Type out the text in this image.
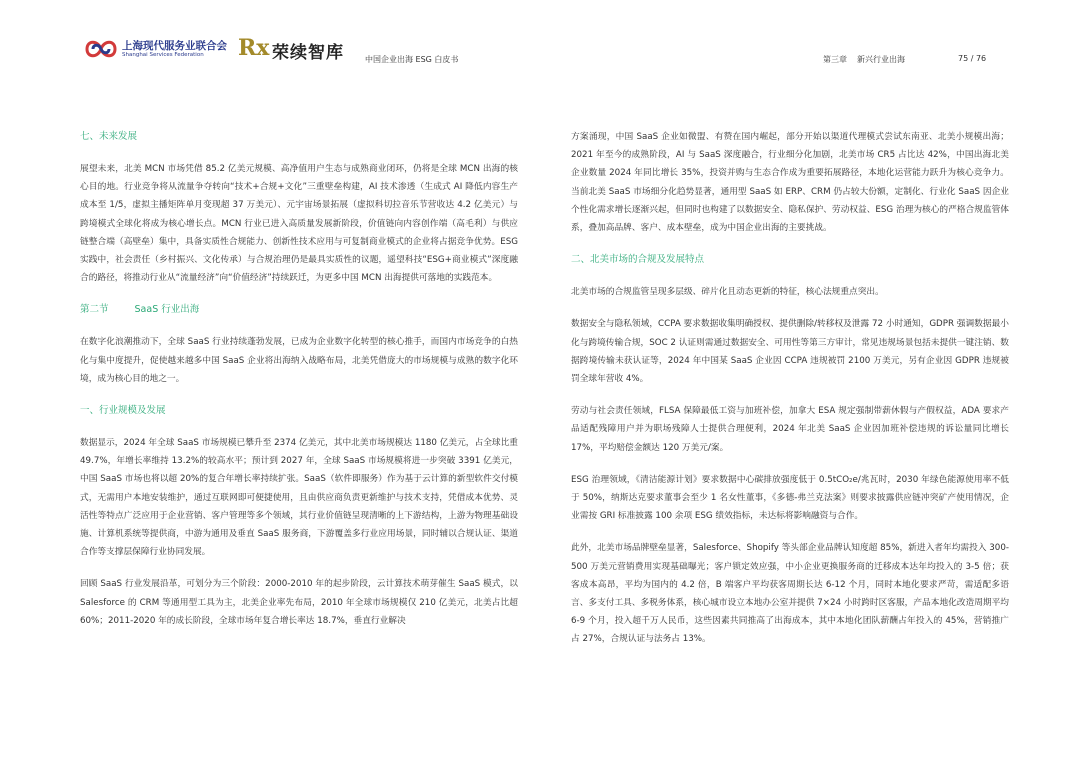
上海现代服务业联合会
Shanghai Services Federation Rx 荣续智库	中国企业出海 ESG 白皮书	第三章 新兴行业出海	75 / 76
七、未来发展

展望未来，北美 MCN 市场凭借 85.2 亿美元规模、高净值用户生态与成熟商业闭环，仍将是全球 MCN 出海的核心目的地。行业竞争将从流量争夺转向“技术+合规+文化”三重壁垒构建，AI 技术渗透（生成式 AI 降低内容生产成本至 1/5，虚拟主播矩阵单月变现超 37 万美元）、元宇宙场景拓展（虚拟科切拉音乐节营收达 4.2 亿美元）与跨境模式全球化将成为核心增长点。MCN 行业已进入高质量发展新阶段，价值链向内容创作端（高毛利）与供应链整合端（高壁垒）集中，具备实质性合规能力、创新性技术应用与可复制商业模式的企业将占据竞争优势。ESG 实践中，社会责任（乡村振兴、文化传承）与合规治理仍是最具实质性的议题，遥望科技“ESG+商业模式”深度融合的路径，将推动行业从“流量经济”向“价值经济”持续跃迁，为更多中国 MCN 出海提供可落地的实践范本。

第二节	SaaS 行业出海

在数字化浪潮推动下，全球 SaaS 行业持续蓬勃发展，已成为企业数字化转型的核心推手，而国内市场竞争的白热化与集中度提升，促使越来越多中国 SaaS 企业将出海纳入战略布局，北美凭借庞大的市场规模与成熟的数字化环境，成为核心目的地之一。

一、行业规模及发展

数据显示，2024 年全球 SaaS 市场规模已攀升至 2374 亿美元，其中北美市场规模达 1180 亿美元，占全球比重 49.7%，年增长率维持 13.2%的较高水平；预计到 2027 年，全球 SaaS 市场规模将进一步突破 3391 亿美元，中国 SaaS 市场也将以超 20%的复合年增长率持续扩张。SaaS（软件即服务）作为基于云计算的新型软件交付模式，无需用户本地安装维护，通过互联网即可便捷使用，且由供应商负责更新维护与技术支持，凭借成本优势、灵活性等特点广泛应用于企业营销、客户管理等多个领域，其行业价值链呈现清晰的上下游结构，上游为物理基础设施、计算机系统等提供商，中游为通用及垂直 SaaS 服务商，下游覆盖多行业应用场景，同时辅以合规认证、渠道合作等支撑层保障行业协同发展。

回顾 SaaS 行业发展沿革，可划分为三个阶段：2000-2010 年的起步阶段，云计算技术萌芽催生 SaaS 模式，以 Salesforce 的 CRM 等通用型工具为主，北美企业率先布局，2010 年全球市场规模仅 210 亿美元，北美占比超 60%；2011-2020 年的成长阶段，全球市场年复合增长率达 18.7%，垂直行业解决

方案涌现，中国 SaaS 企业如微盟、有赞在国内崛起，部分开始以渠道代理模式尝试东南亚、北美小规模出海；2021 年至今的成熟阶段，AI 与 SaaS 深度融合，行业细分化加剧，北美市场 CR5 占比达 42%，中国出海北美企业数量 2024 年同比增长 35%，投资并购与生态合作成为重要拓展路径，本地化运营能力跃升为核心竞争力。当前北美 SaaS 市场细分化趋势显著，通用型 SaaS 如 ERP、CRM 仍占较大份额，定制化、行业化 SaaS 因企业个性化需求增长逐渐兴起，但同时也构建了以数据安全、隐私保护、劳动权益、ESG 治理为核心的严格合规监管体系，叠加高品牌、客户、成本壁垒，成为中国企业出海的主要挑战。

二、北美市场的合规及发展特点

北美市场的合规监管呈现多层级、碎片化且动态更新的特征，核心法规重点突出。

数据安全与隐私领域，CCPA 要求数据收集明确授权、提供删除/转移权及泄露 72 小时通知，GDPR 强调数据最小化与跨境传输合规，SOC 2 认证则需通过数据安全、可用性等第三方审计，常见违规场景包括未提供一键注销、数据跨境传输未获认证等，2024 年中国某 SaaS 企业因 CCPA 违规被罚 2100 万美元，另有企业因 GDPR 违规被罚全球年营收 4%。

劳动与社会责任领域，FLSA 保障最低工资与加班补偿，加拿大 ESA 规定强制带薪休假与产假权益，ADA 要求产品适配残障用户并为职场残障人士提供合理便利，2024 年北美 SaaS 企业因加班补偿违规的诉讼量同比增长 17%，平均赔偿金额达 120 万美元/案。

ESG 治理领域，《清洁能源计划》要求数据中心碳排放强度低于 0.5tCO₂e/兆瓦时，2030 年绿色能源使用率不低于 50%，纳斯达克要求董事会至少 1 名女性董事，《多德-弗兰克法案》则要求披露供应链冲突矿产使用情况，企业需按 GRI 标准披露 100 余项 ESG 绩效指标，未达标将影响融资与合作。

此外，北美市场品牌壁垒显著，Salesforce、Shopify 等头部企业品牌认知度超 85%，新进入者年均需投入 300-500 万美元营销费用实现基础曝光；客户锁定效应强，中小企业更换服务商的迁移成本达年均投入的 3-5 倍；获客成本高昂，平均为国内的 4.2 倍，B 端客户平均获客周期长达 6-12 个月，同时本地化要求严苛，需适配多语言、多支付工具、多税务体系，核心城市设立本地办公室并提供 7×24 小时跨时区客服，产品本地化改造周期平均 6-9 个月，投入超千万人民币，这些因素共同推高了出海成本，其中本地化团队薪酬占年投入的 45%，营销推广占 27%，合规认证与法务占 13%。
